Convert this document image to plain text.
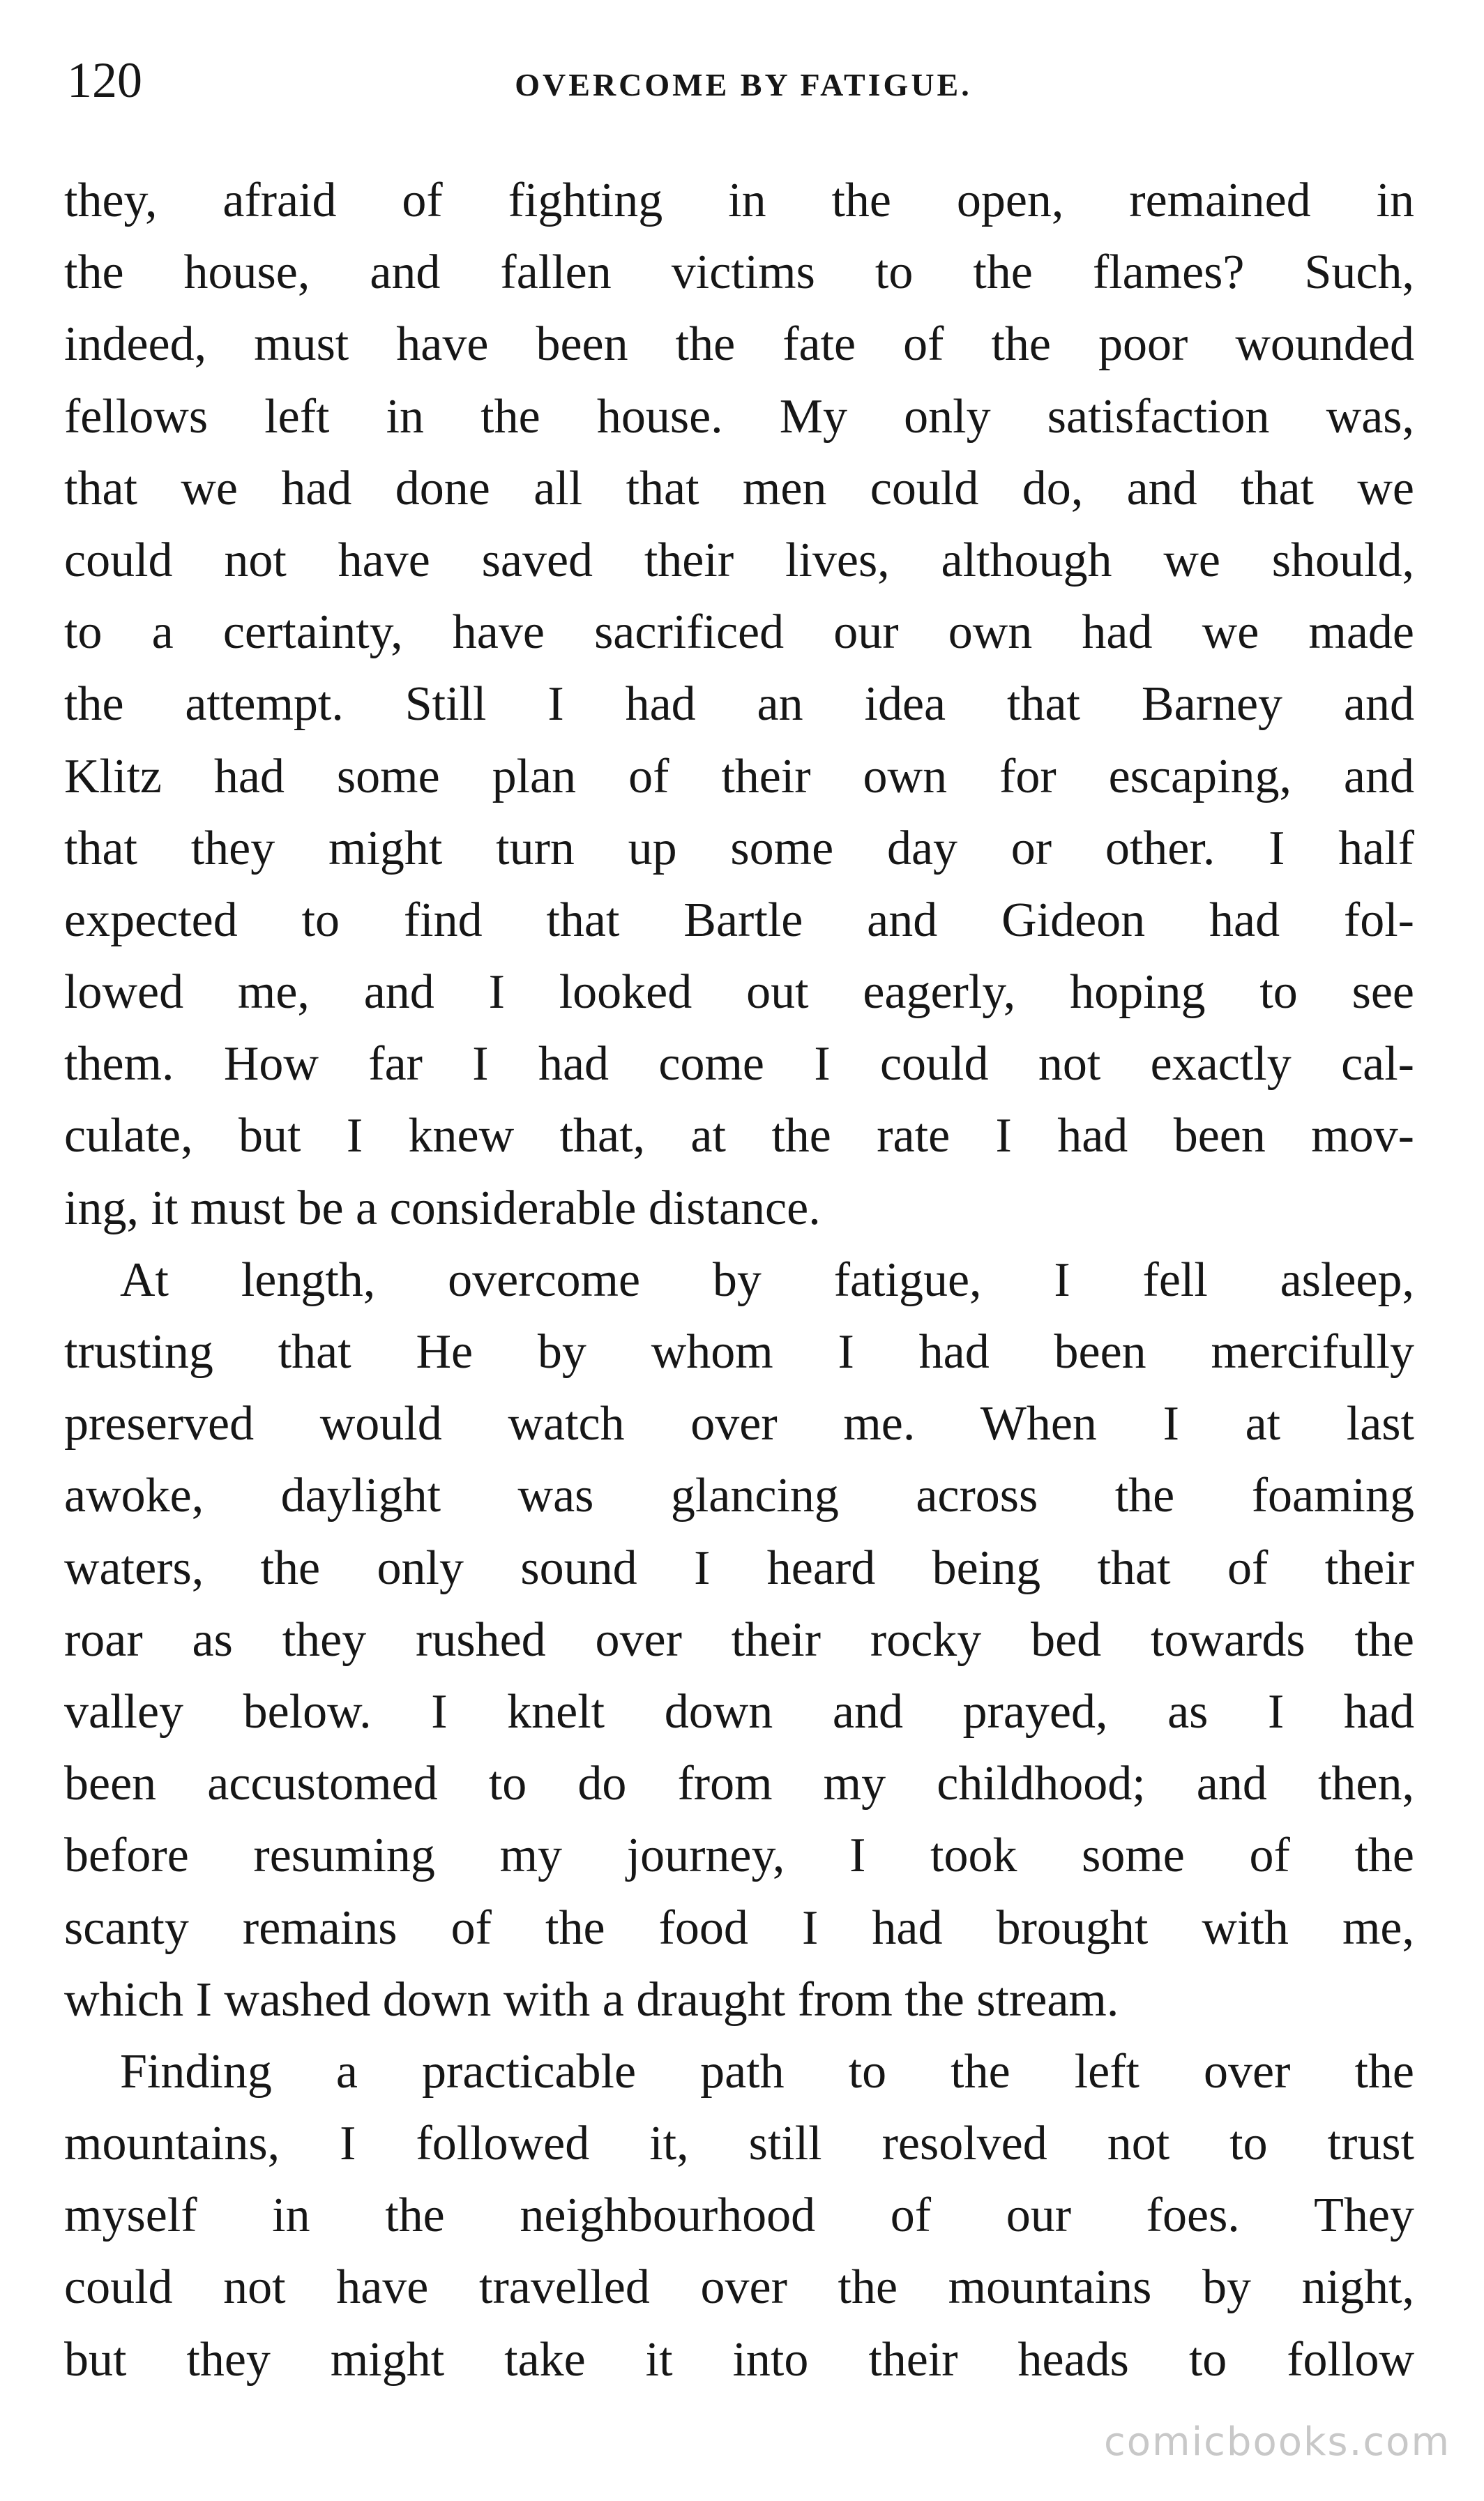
120	OVERCOME BY FATIGUE.
they, afraid of fighting in the open, remained in
the house, and fallen victims to the flames? Such,
indeed, must have been the fate of the poor wounded
fellows left in the house. My only satisfaction was,
that we had done all that men could do, and that we
could not have saved their lives, although we should,
to a certainty, have sacrificed our own had we made
the attempt. Still I had an idea that Barney and
Klitz had some plan of their own for escaping, and
that they might turn up some day or other. I half
expected to find that Bartle and Gideon had fol-
lowed me, and I looked out eagerly, hoping to see
them. How far I had come I could not exactly cal-
culate, but I knew that, at the rate I had been mov-
ing, it must be a considerable distance.
At length, overcome by fatigue, I fell asleep,
trusting that He by whom I had been mercifully
preserved would watch over me. When I at last
awoke, daylight was glancing across the foaming
waters, the only sound I heard being that of their
roar as they rushed over their rocky bed towards the
valley below. I knelt down and prayed, as I had
been accustomed to do from my childhood; and then,
before resuming my journey, I took some of the
scanty remains of the food I had brought with me,
which I washed down with a draught from the stream.
Finding a practicable path to the left over the
mountains, I followed it, still resolved not to trust
myself in the neighbourhood of our foes. They
could not have travelled over the mountains by night,
but they might take it into their heads to follow
comicbooks.com
